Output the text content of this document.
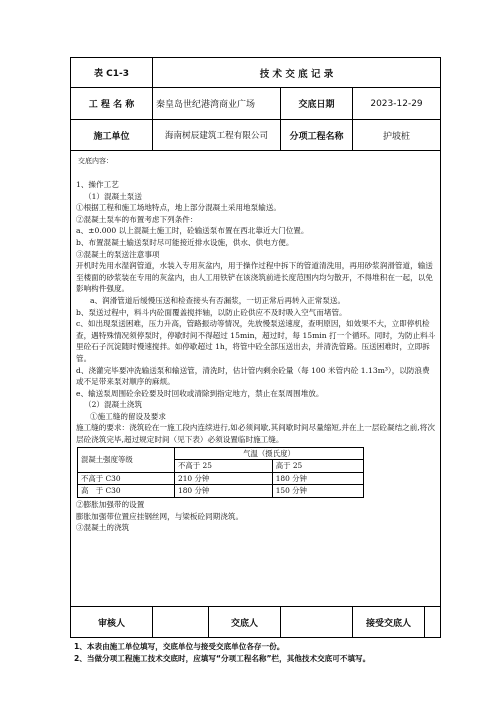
表 C1-3	技 术 交 底 记 录
工 程 名 称	秦皇岛世纪港湾商业广场	交底日期	2023-12-29
施工单位	海南树辰建筑工程有限公司	分项工程名称	护坡桩
交底内容：

1、操作工艺

（1）混凝土泵送

①根据工程和施工场地特点，地上部分混凝土采用地泵输送。

②混凝土泵车的布置考虑下列条件：

a、±0.000 以上混凝土施工时，砼输送泵布置在西北靠近大门位置。

b、布置混凝土输送泵时尽可能接近排水设施，供水、供电方便。

③混凝土的泵送注意事项

开机时先用水湿润管道，水装入专用灰盆内，用于操作过程中拆下的管道清洗用，再用砂浆润滑管道，输送至楼面的砂浆装在专用的灰盆内，由人工用铁铲在该浇筑前进长度范围内均匀散开，不得堆积在一起，以免影响构件强度。

a、润滑管道后缓慢压送和检查接头有否漏浆，一切正常后再转入正常泵送。

b、泵送过程中，料斗内砼面覆盖搅拌轴，以防止砼供应不及时吸入空气而堵管。

c、如出现泵送困难，压力升高，管路振动等情况，先放慢泵送速度，查明原因，如效果不大，立即停机检查，遇特殊情况须停泵时，停歇时间不得超过 15min，超过时，每 15min 打一个循环。同时，为防止料斗里砼石子沉淀随时慢速搅拌。如停歇超过 1h，将管中砼全部压送出去，并清洗管路。压送困难时，立即拆管。

d、浇灌完毕要冲洗输送泵和输送管，清洗时，估计管内剩余砼量（每 100 米管内砼 1.13m³），以防浪费或不足带来泵对顺序的麻烦。

e、输送泵周围砼余砼要及时回收或清除到指定地方，禁止在泵周围堆放。

（2）混凝土浇筑

①施工缝的留设及要求

施工缝的要求：浇筑砼在一施工段内连续进行,如必须间歇,其间歇时间尽量缩短,并在上一层砼凝结之前,将次层砼浇筑完毕,超过规定时间（见下表）必须设置临时施工缝。

混凝土强度等级	气温（摄氏度）	
	不高于 25	高于 25
不高于 C30	210 分钟	180 分钟
高　于 C30	180 分钟	150 分钟

②膨胀加强带的设置

膨胀加强带位置应挂钢丝网，与梁板砼同期浇筑。

③混凝土的浇筑

审核人	交底人	接受交底人

1、本表由施工单位填写，交底单位与接受交底单位各存一份。

2、当做分项工程施工技术交底时，应填写“分项工程名称”栏，其他技术交底可不填写。
